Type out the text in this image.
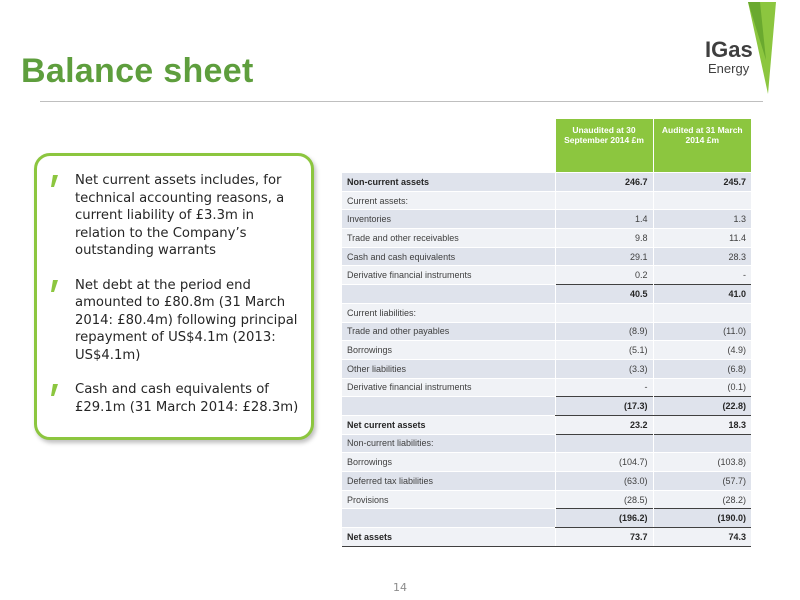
IGas
Energy
Balance sheet
Net current assets includes, for technical accounting reasons, a current liability of £3.3m in relation to the Company’s outstanding warrants
Net debt at the period end amounted to £80.8m (31 March 2014: £80.4m) following principal repayment of US$4.1m (2013: US$4.1m)
Cash and cash equivalents of £29.1m (31 March 2014: £28.3m)
	Unaudited at 30 September 2014 £m	Audited at 31 March 2014 £m
Non-current assets	246.7	245.7
Current assets:		
Inventories	1.4	1.3
Trade and other receivables	9.8	11.4
Cash and cash equivalents	29.1	28.3
Derivative financial instruments	0.2	-
	40.5	41.0
Current liabilities:		
Trade and other payables	(8.9)	(11.0)
Borrowings	(5.1)	(4.9)
Other liabilities	(3.3)	(6.8)
Derivative financial instruments	-	(0.1)
	(17.3)	(22.8)
Net current assets	23.2	18.3
Non-current liabilities:		
Borrowings	(104.7)	(103.8)
Deferred tax liabilities	(63.0)	(57.7)
Provisions	(28.5)	(28.2)
	(196.2)	(190.0)
Net assets	73.7	74.3
14
